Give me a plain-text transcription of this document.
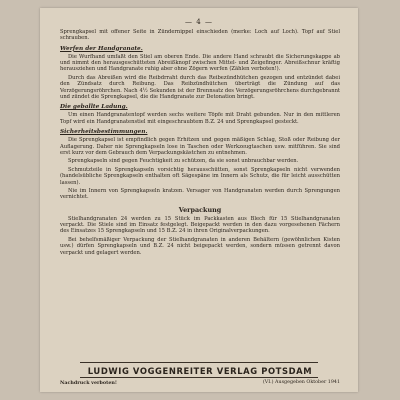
— 4 —

Sprengkapsel mit offener Seite in Zündernippel einschieden (merke: Loch auf Loch). Topf auf Stiel schrauben.

Werfen der Handgranate.

Die Wurfhand umfaßt den Stiel am oberen Ende. Die andere Hand schraubt die Sicherungskappe ab und nimmt den herausgeschütteten Abreißknopf zwischen Mittel- und Zeigefinger. Abreißschnur kräftig herausziehen und Handgranate ruhig aber ohne Zögern werfen (Zählen verboten!).

Durch das Abreißen wird die Reibdrraht durch das Reibezündhütchen gezogen und entzündet dabei den Zündsatz durch Reibung. Das Reibzündhütchen überträgt die Zündung auf das Verzögerungsröhrchen. Nach 4½ Sekunden ist der Brennsatz des Verzögerungsröhrchens durchgebrannt und zündet die Sprengkapsel, die die Handgranate zur Detonation bringt.

Die geballte Ladung.

Um einen Handgranatentopf werden sechs weitere Töpfe mit Draht gebunden. Nur in den mittleren Topf wird ein Handgranatenstiel mit eingeschraubtem B.Z. 24 und Sprengkapsel gesteckt.

Sicherheitsbestimmungen.

Die Sprengkapsel ist empfindlich gegen Erhitzen und gegen mäßigen Schlag, Stoß oder Reibung der Auflagerung. Daher nie Sprengkapseln lose in Taschen oder Werkzeugtaschen usw. mitführen. Sie sind erst kurz vor dem Gebrauch dem Verpackungskästchen zu entnehmen.

Sprengkapseln sind gegen Feuchtigkeit zu schützen, da sie sonst unbrauchbar werden.

Schmutzteile in Sprengkapseln vorsichtig herausschütten, sonst Sprengkapseln nicht verwenden (handelsübliche Sprengkapseln enthalten oft Sägespäne im Innern als Schutz, die für leicht ausschütten lassen).

Nie im Innern von Sprengkapseln kratzen. Versager von Handgranaten werden durch Sprengungen vernichtet.

Verpackung

Stielhandgranaten 24 werden zu 15 Stück im Packkasten aus Blech für 15 Stielhandgranaten verpackt. Die Stiele sind im Einsatz festgelegt. Beigepackt werden in den dazu vorgesehenen Fächern des Einsatzes 15 Sprengkapseln und 15 B.Z. 24 in ihren Originalverpackungen.

Bei behelfsmäßiger Verpackung der Stielhandgranaten in anderen Behältern (gewöhnlichen Kisten usw.) dürfen Sprengkapseln und B.Z. 24 nicht beigepackt werden, sondern müssen getrennt davon verpackt und gelagert werden.

LUDWIG VOGGENREITER VERLAG POTSDAM
Nachdruck verboten!	(VI.) Ausgegeben Oktober 1941
